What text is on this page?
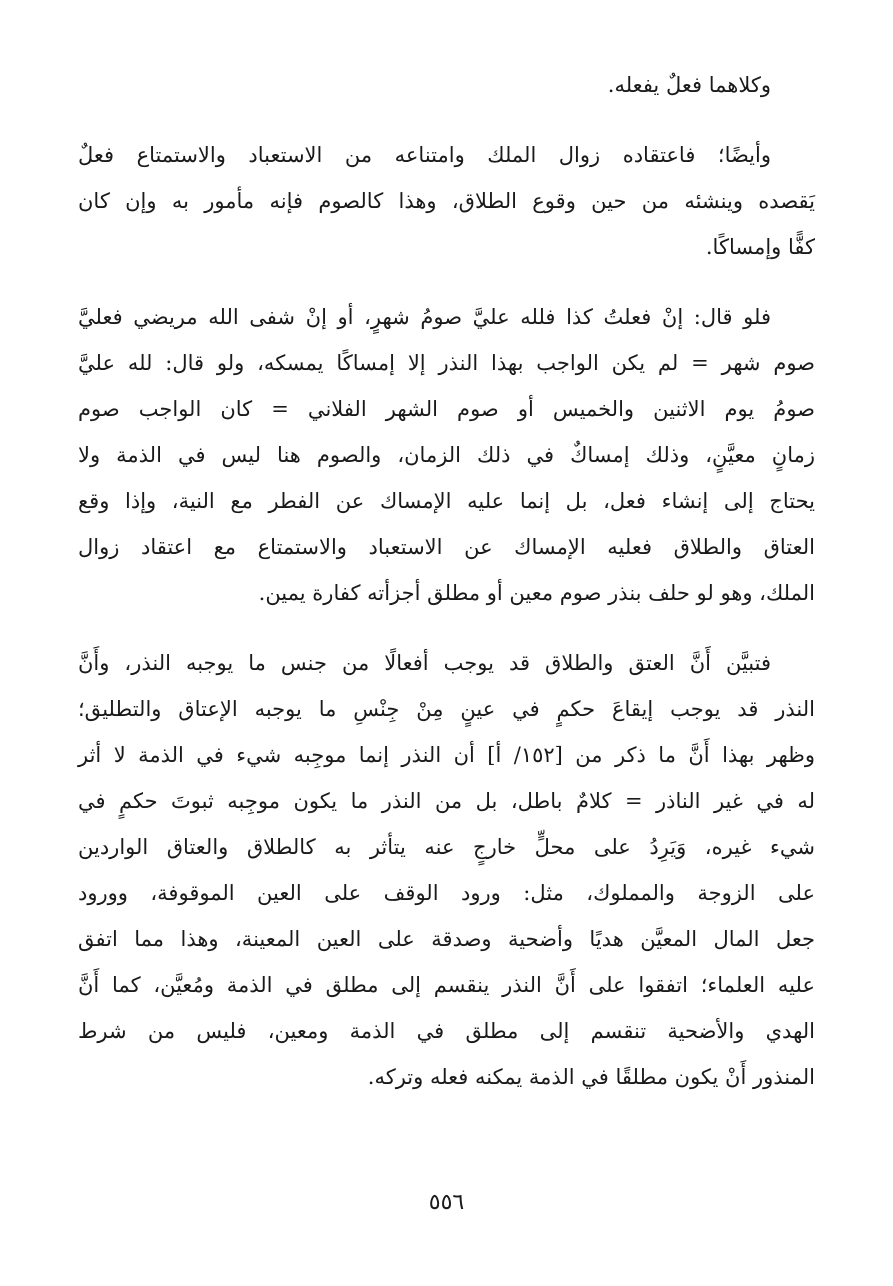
وكلاهما فعلٌ يفعله.
وأيضًا؛ فاعتقاده زوال الملك وامتناعه من الاستعباد والاستمتاع فعلٌ
يَقصده وينشئه من حين وقوع الطلاق، وهذا كالصوم فإنه مأمور به وإن كان
كفًّا وإمساكًا.
فلو قال: إنْ فعلتُ كذا فلله عليَّ صومُ شهرٍ، أو إنْ شفى الله مريضي فعليَّ
صوم شهر = لم يكن الواجب بهذا النذر إلا إمساكًا يمسكه، ولو قال: لله عليَّ
صومُ يوم الاثنين والخميس أو صوم الشهر الفلاني = كان الواجب صوم
زمانٍ معيَّنٍ، وذلك إمساكٌ في ذلك الزمان، والصوم هنا ليس في الذمة ولا
يحتاج إلى إنشاء فعل، بل إنما عليه الإمساك عن الفطر مع النية، وإذا وقع
العتاق والطلاق فعليه الإمساك عن الاستعباد والاستمتاع مع اعتقاد زوال
الملك، وهو لو حلف بنذر صوم معين أو مطلق أجزأته كفارة يمين.
فتبيَّن أَنَّ العتق والطلاق قد يوجب أفعالًا من جنس ما يوجبه النذر، وأَنَّ
النذر قد يوجب إيقاعَ حكمٍ في عينٍ مِنْ جِنْسِ ما يوجبه الإعتاق والتطليق؛
وظهر بهذا أَنَّ ما ذكر من [١٥٢/ أ] أن النذر إنما موجِبه شيء في الذمة لا أثر
له في غير الناذر = كلامٌ باطل، بل من النذر ما يكون موجِبه ثبوتَ حكمٍ في
شيء غيره، وَيَرِدُ على محلٍّ خارجٍ عنه يتأثر به كالطلاق والعتاق الواردين
على الزوجة والمملوك، مثل: ورود الوقف على العين الموقوفة، وورود
جعل المال المعيَّن هديًا وأضحية وصدقة على العين المعينة، وهذا مما اتفق
عليه العلماء؛ اتفقوا على أَنَّ النذر ينقسم إلى مطلق في الذمة ومُعيَّن، كما أَنَّ
الهدي والأضحية تنقسم إلى مطلق في الذمة ومعين، فليس من شرط
المنذور أَنْ يكون مطلقًا في الذمة يمكنه فعله وتركه.
٥٥٦
